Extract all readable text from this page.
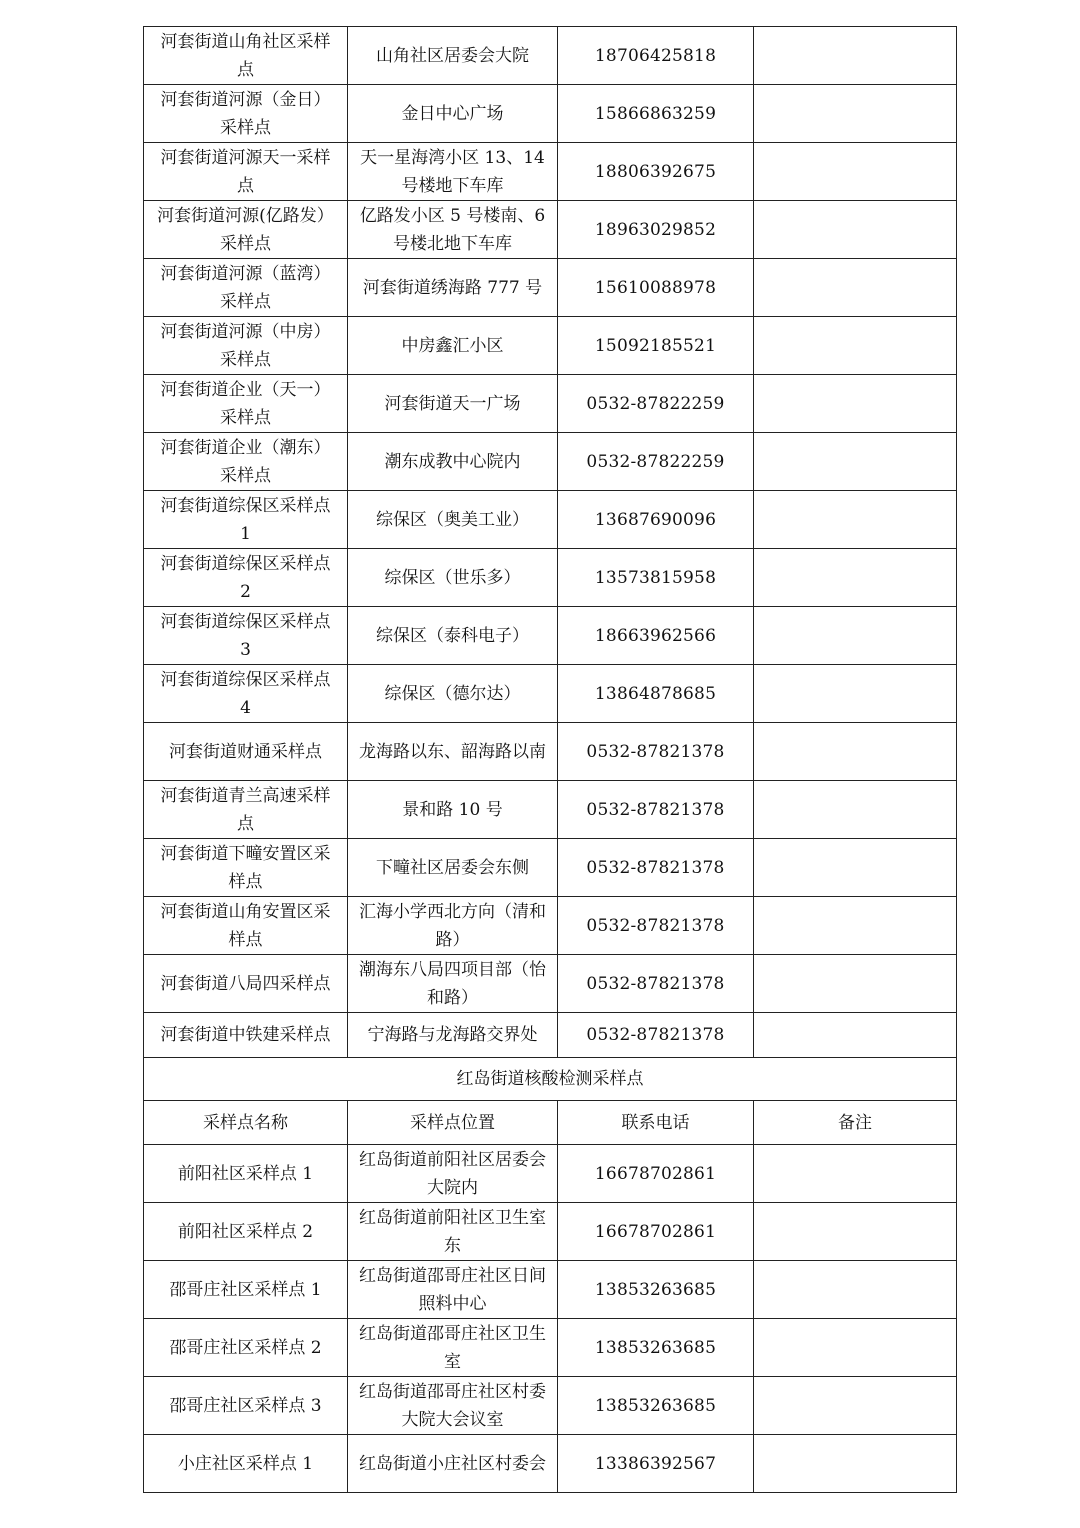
河套街道山角社区采样点	山角社区居委会大院	18706425818	
河套街道河源（金日）采样点	金日中心广场	15866863259	
河套街道河源天一采样点	天一星海湾小区 13、14 号楼地下车库	18806392675	
河套街道河源(亿路发）采样点	亿路发小区 5 号楼南、6 号楼北地下车库	18963029852	
河套街道河源（蓝湾）采样点	河套街道绣海路 777 号	15610088978	
河套街道河源（中房）采样点	中房鑫汇小区	15092185521	
河套街道企业（天一）采样点	河套街道天一广场	0532-87822259	
河套街道企业（潮东）采样点	潮东成教中心院内	0532-87822259	
河套街道综保区采样点 1	综保区（奥美工业）	13687690096	
河套街道综保区采样点 2	综保区（世乐多）	13573815958	
河套街道综保区采样点 3	综保区（泰科电子）	18663962566	
河套街道综保区采样点 4	综保区（德尔达）	13864878685	
河套街道财通采样点	龙海路以东、韶海路以南	0532-87821378	
河套街道青兰高速采样点	景和路 10 号	0532-87821378	
河套街道下疃安置区采样点	下疃社区居委会东侧	0532-87821378	
河套街道山角安置区采样点	汇海小学西北方向（清和路）	0532-87821378	
河套街道八局四采样点	潮海东八局四项目部（怡和路）	0532-87821378	
河套街道中铁建采样点	宁海路与龙海路交界处	0532-87821378	
红岛街道核酸检测采样点			
采样点名称	采样点位置	联系电话	备注
前阳社区采样点 1	红岛街道前阳社区居委会大院内	16678702861	
前阳社区采样点 2	红岛街道前阳社区卫生室东	16678702861	
邵哥庄社区采样点 1	红岛街道邵哥庄社区日间照料中心	13853263685	
邵哥庄社区采样点 2	红岛街道邵哥庄社区卫生室	13853263685	
邵哥庄社区采样点 3	红岛街道邵哥庄社区村委大院大会议室	13853263685	
小庄社区采样点 1	红岛街道小庄社区村委会	13386392567	
